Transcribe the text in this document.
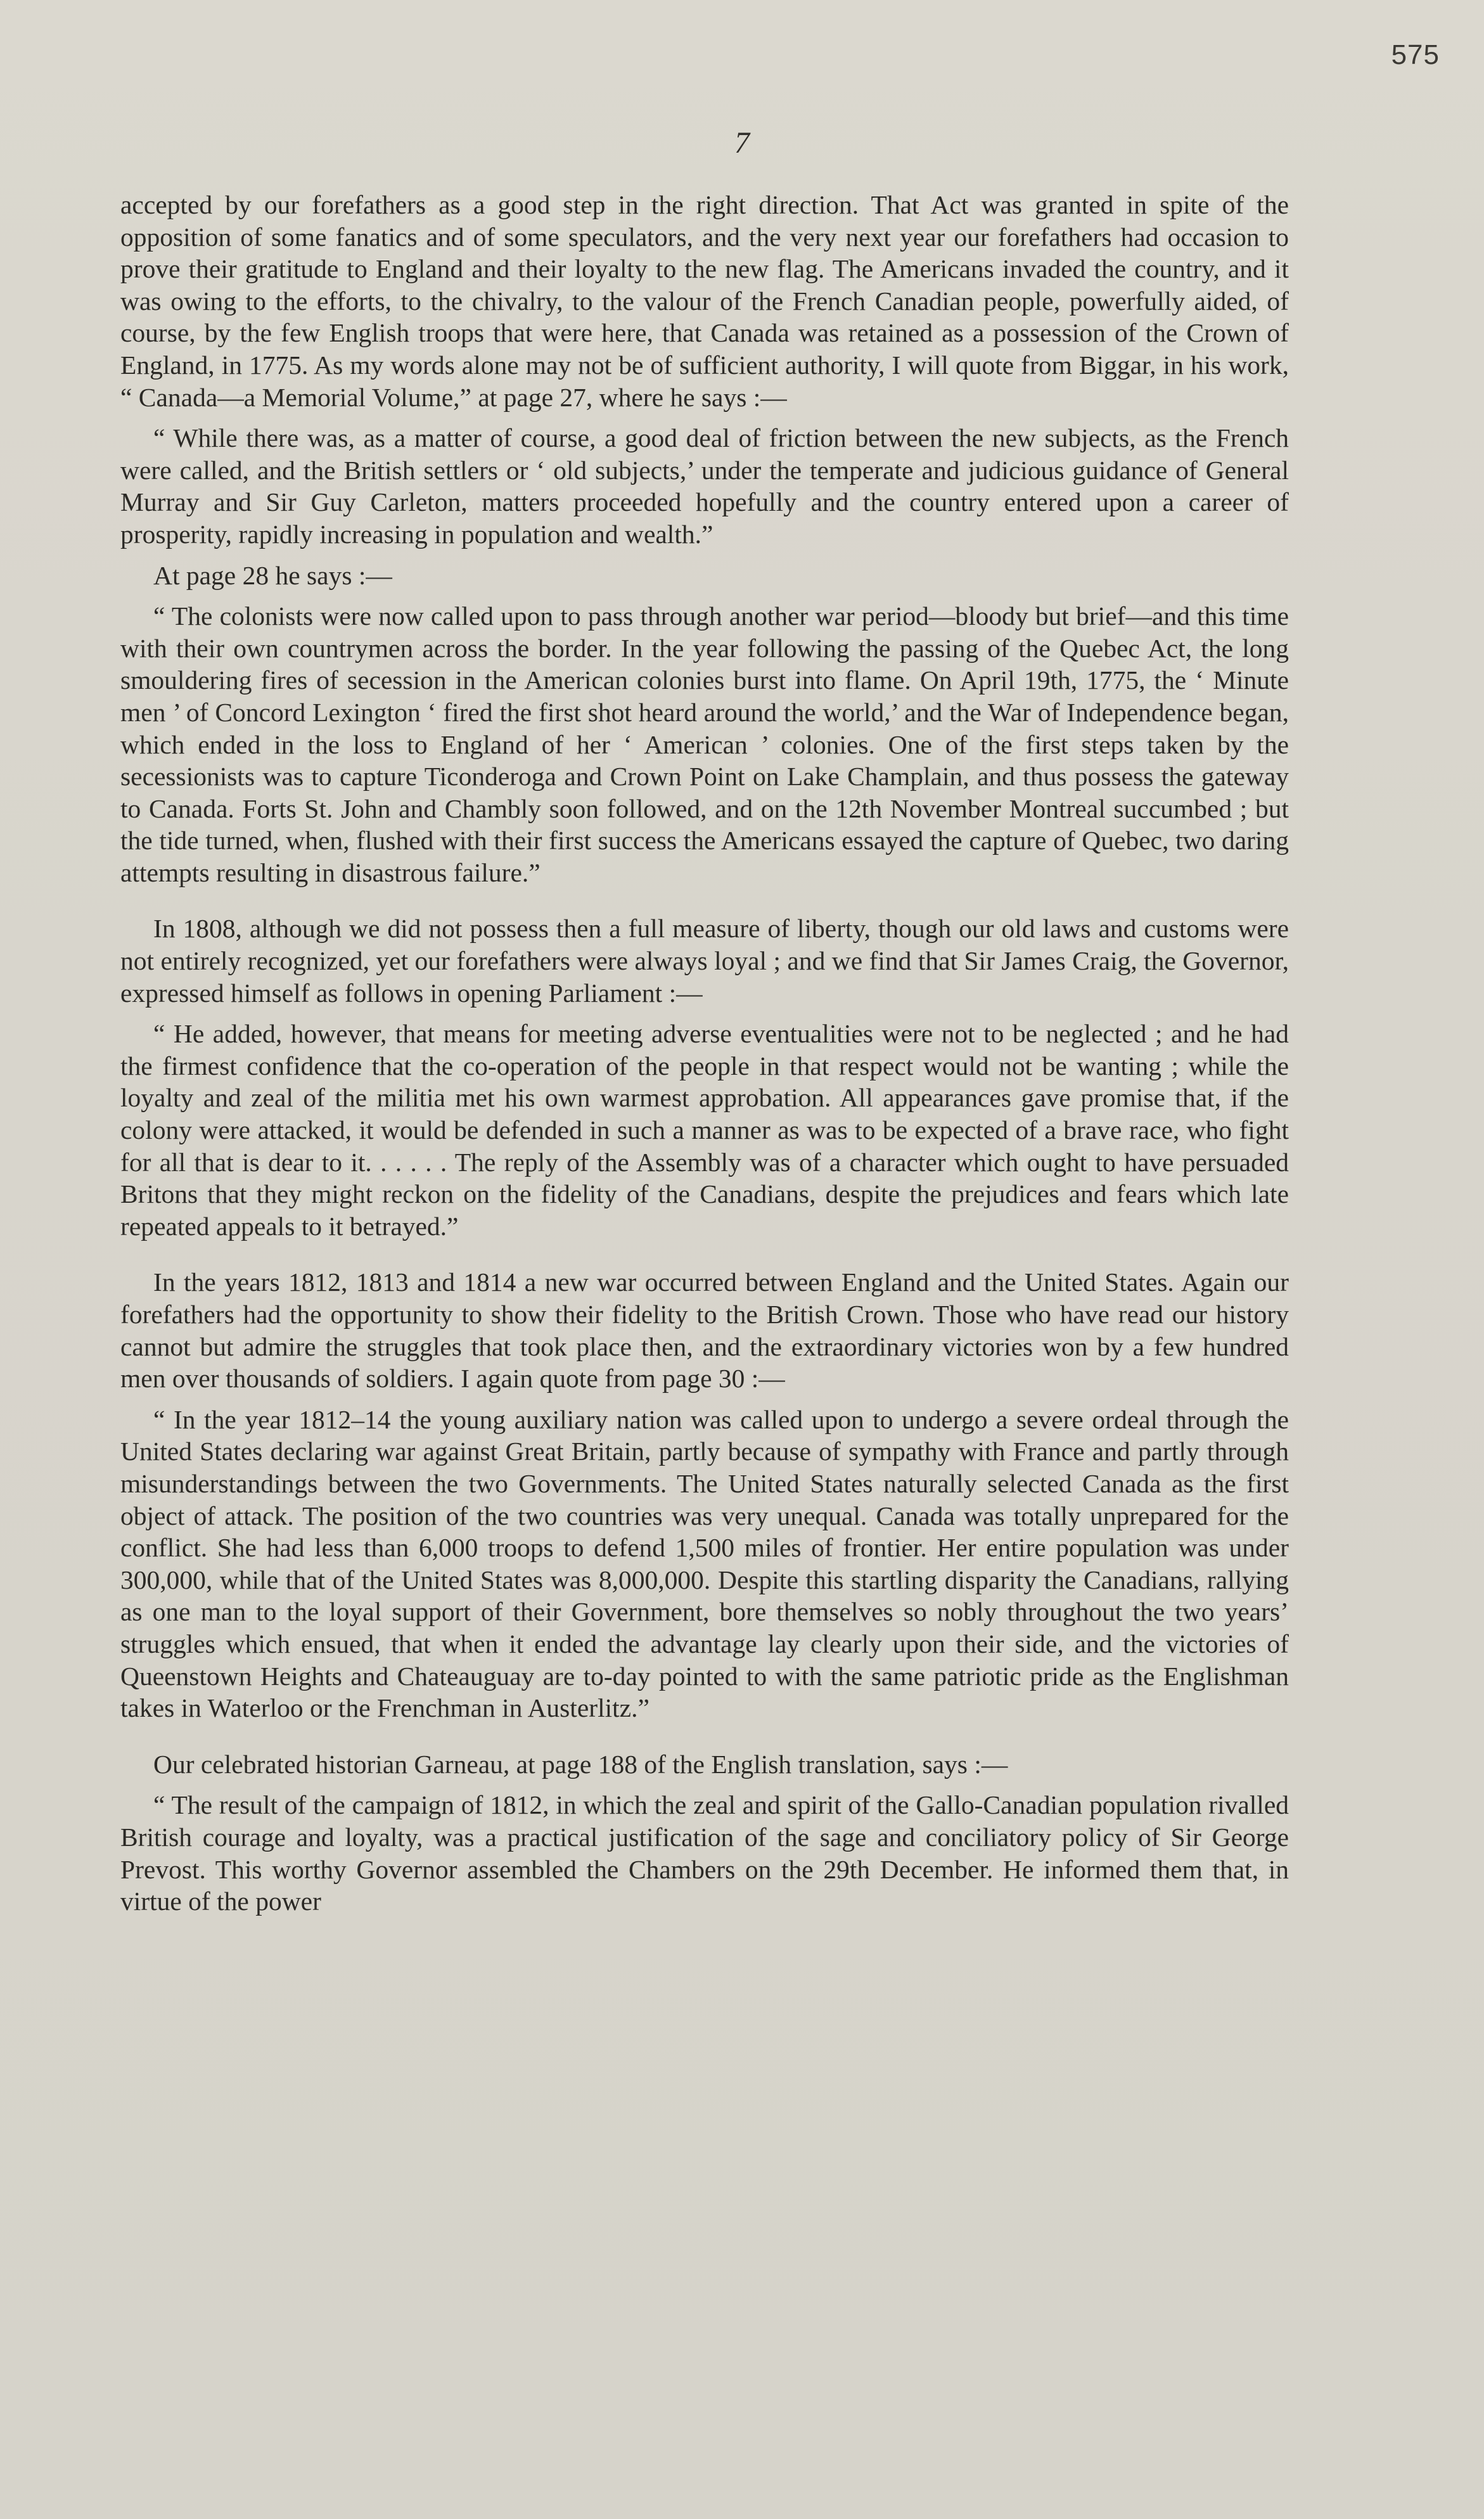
575
7

accepted by our forefathers as a good step in the right direction. That Act was granted in spite of the opposition of some fanatics and of some speculators, and the very next year our forefathers had occasion to prove their gratitude to England and their loyalty to the new flag. The Americans invaded the country, and it was owing to the efforts, to the chivalry, to the valour of the French Canadian people, powerfully aided, of course, by the few English troops that were here, that Canada was retained as a possession of the Crown of England, in 1775. As my words alone may not be of sufficient authority, I will quote from Biggar, in his work, “ Canada—a Memorial Volume,” at page 27, where he says :—

“ While there was, as a matter of course, a good deal of friction between the new subjects, as the French were called, and the British settlers or ‘ old subjects,’ under the temperate and judicious guidance of General Murray and Sir Guy Carleton, matters proceeded hopefully and the country entered upon a career of prosperity, rapidly increasing in population and wealth.”

At page 28 he says :—

“ The colonists were now called upon to pass through another war period—bloody but brief—and this time with their own countrymen across the border. In the year following the passing of the Quebec Act, the long smouldering fires of secession in the American colonies burst into flame. On April 19th, 1775, the ‘ Minute men ’ of Concord Lexington ‘ fired the first shot heard around the world,’ and the War of Independence began, which ended in the loss to England of her ‘ American ’ colonies. One of the first steps taken by the secessionists was to capture Ticonderoga and Crown Point on Lake Champlain, and thus possess the gateway to Canada. Forts St. John and Chambly soon followed, and on the 12th November Montreal succumbed ; but the tide turned, when, flushed with their first success the Americans essayed the capture of Quebec, two daring attempts resulting in disastrous failure.”

In 1808, although we did not possess then a full measure of liberty, though our old laws and customs were not entirely recognized, yet our forefathers were always loyal ; and we find that Sir James Craig, the Governor, expressed himself as follows in opening Parliament :—

“ He added, however, that means for meeting adverse eventualities were not to be neglected ; and he had the firmest confidence that the co-operation of the people in that respect would not be wanting ; while the loyalty and zeal of the militia met his own warmest approbation. All appearances gave promise that, if the colony were attacked, it would be defended in such a manner as was to be expected of a brave race, who fight for all that is dear to it. . . . . . The reply of the Assembly was of a character which ought to have persuaded Britons that they might reckon on the fidelity of the Canadians, despite the prejudices and fears which late repeated appeals to it betrayed.”

In the years 1812, 1813 and 1814 a new war occurred between England and the United States. Again our forefathers had the opportunity to show their fidelity to the British Crown. Those who have read our history cannot but admire the struggles that took place then, and the extraordinary victories won by a few hundred men over thousands of soldiers. I again quote from page 30 :—

“ In the year 1812–14 the young auxiliary nation was called upon to undergo a severe ordeal through the United States declaring war against Great Britain, partly because of sympathy with France and partly through misunderstandings between the two Governments. The United States naturally selected Canada as the first object of attack. The position of the two countries was very unequal. Canada was totally unprepared for the conflict. She had less than 6,000 troops to defend 1,500 miles of frontier. Her entire population was under 300,000, while that of the United States was 8,000,000. Despite this startling disparity the Canadians, rallying as one man to the loyal support of their Government, bore themselves so nobly throughout the two years’ struggles which ensued, that when it ended the advantage lay clearly upon their side, and the victories of Queenstown Heights and Chateauguay are to-day pointed to with the same patriotic pride as the Englishman takes in Waterloo or the Frenchman in Austerlitz.”

Our celebrated historian Garneau, at page 188 of the English translation, says :—

“ The result of the campaign of 1812, in which the zeal and spirit of the Gallo-Canadian population rivalled British courage and loyalty, was a practical justification of the sage and conciliatory policy of Sir George Prevost. This worthy Governor assembled the Chambers on the 29th December. He informed them that, in virtue of the power
